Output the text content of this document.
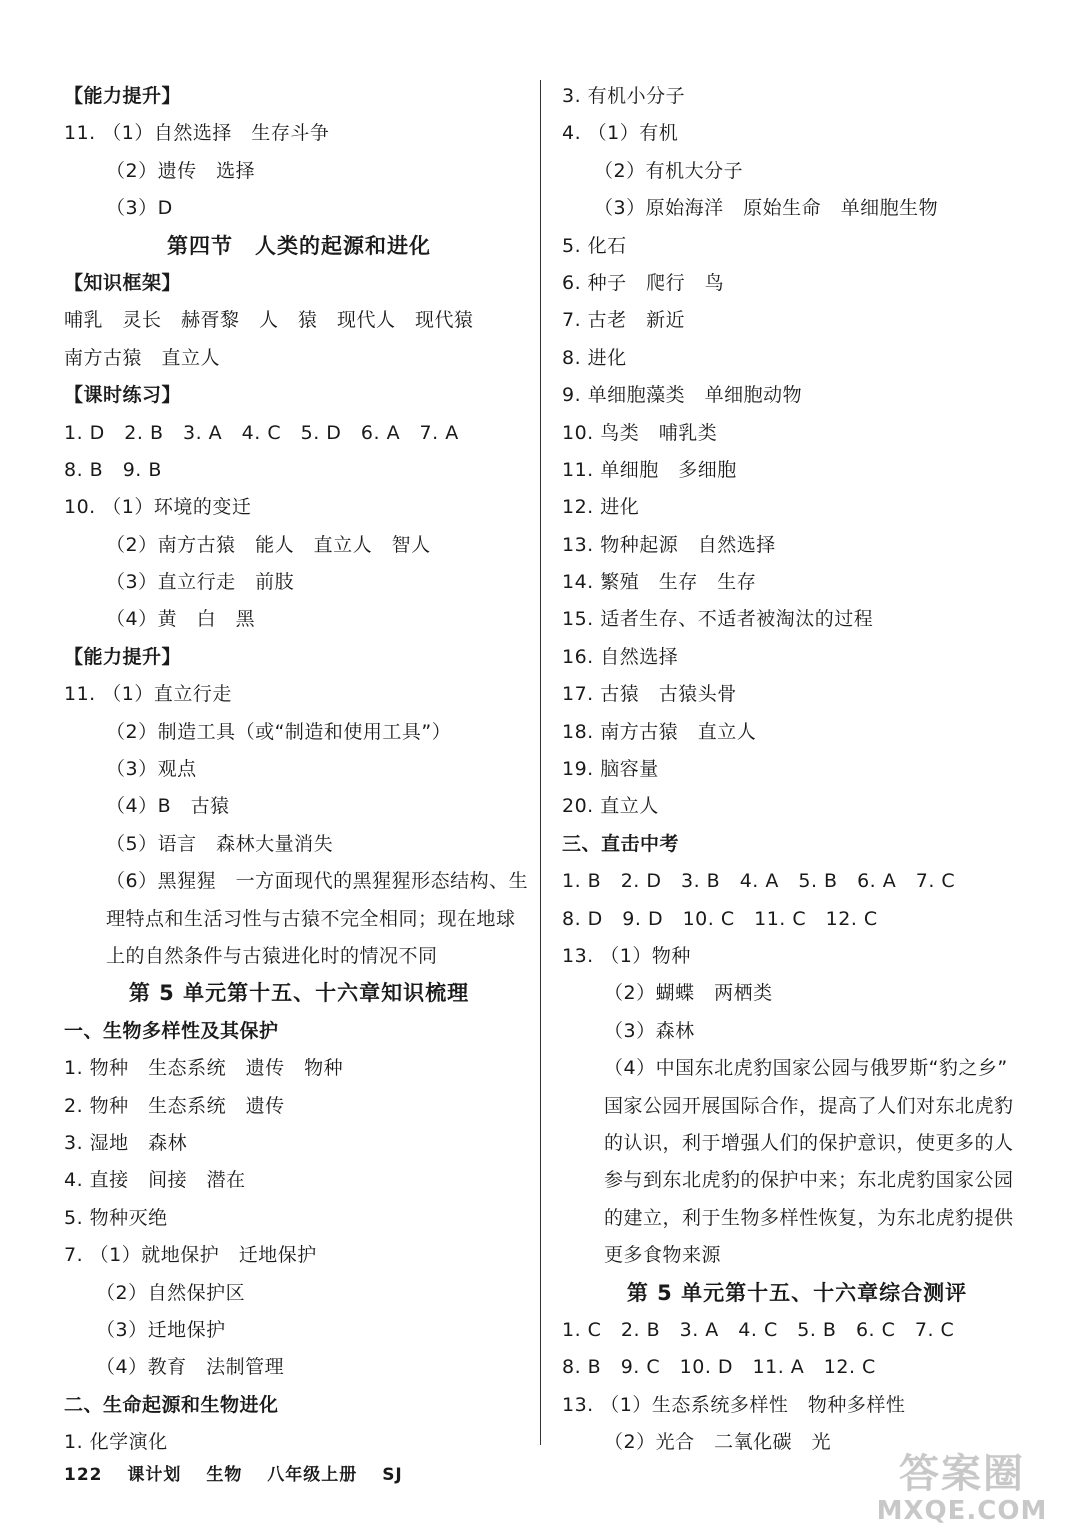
【能力提升】
11. （1）自然选择　生存斗争
（2）遗传　选择
（3）D
第四节　人类的起源和进化
【知识框架】
哺乳　灵长　赫胥黎　人　猿　现代人　现代猿
南方古猿　直立人
【课时练习】
1. D　2. B　3. A　4. C　5. D　6. A　7. A
8. B　9. B
10. （1）环境的变迁
（2）南方古猿　能人　直立人　智人
（3）直立行走　前肢
（4）黄　白　黑
【能力提升】
11. （1）直立行走
（2）制造工具（或“制造和使用工具”）
（3）观点
（4）B　古猿
（5）语言　森林大量消失
（6）黑猩猩　一方面现代的黑猩猩形态结构、生
理特点和生活习性与古猿不完全相同；现在地球
上的自然条件与古猿进化时的情况不同
第 5 单元第十五、十六章知识梳理
一、生物多样性及其保护
1. 物种　生态系统　遗传　物种
2. 物种　生态系统　遗传
3. 湿地　森林
4. 直接　间接　潜在
5. 物种灭绝
7. （1）就地保护　迁地保护
（2）自然保护区
（3）迁地保护
（4）教育　法制管理
二、生命起源和生物进化
1. 化学演化
3. 有机小分子
4. （1）有机
（2）有机大分子
（3）原始海洋　原始生命　单细胞生物
5. 化石
6. 种子　爬行　鸟
7. 古老　新近
8. 进化
9. 单细胞藻类　单细胞动物
10. 鸟类　哺乳类
11. 单细胞　多细胞
12. 进化
13. 物种起源　自然选择
14. 繁殖　生存　生存
15. 适者生存、不适者被淘汰的过程
16. 自然选择
17. 古猿　古猿头骨
18. 南方古猿　直立人
19. 脑容量
20. 直立人
三、直击中考
1. B　2. D　3. B　4. A　5. B　6. A　7. C
8. D　9. D　10. C　11. C　12. C
13. （1）物种
（2）蝴蝶　两栖类
（3）森林
（4）中国东北虎豹国家公园与俄罗斯“豹之乡”
国家公园开展国际合作，提高了人们对东北虎豹
的认识，利于增强人们的保护意识，使更多的人
参与到东北虎豹的保护中来；东北虎豹国家公园
的建立，利于生物多样性恢复，为东北虎豹提供
更多食物来源
第 5 单元第十五、十六章综合测评
1. C　2. B　3. A　4. C　5. B　6. C　7. C
8. B　9. C　10. D　11. A　12. C
13. （1）生态系统多样性　物种多样性
（2）光合　二氧化碳　光
122 课计划 生物 八年级上册 SJ	答案圈
MXQE.COM
